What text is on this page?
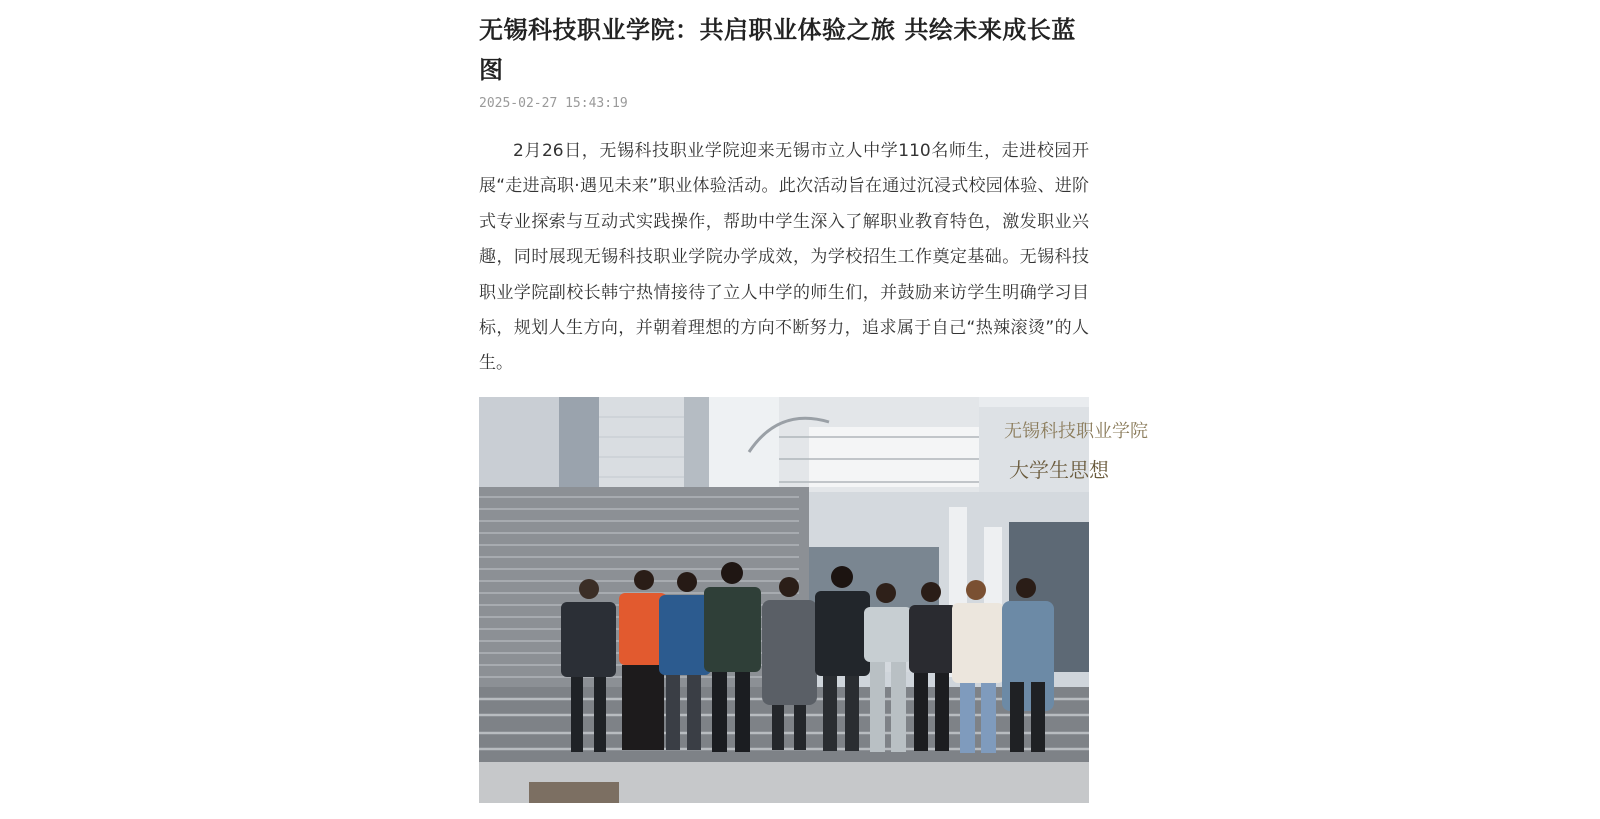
无锡科技职业学院：共启职业体验之旅 共绘未来成长蓝图
2025-02-27 15:43:19

2月26日，无锡科技职业学院迎来无锡市立人中学110名师生，走进校园开展“走进高职·遇见未来”职业体验活动。此次活动旨在通过沉浸式校园体验、进阶式专业探索与互动式实践操作，帮助中学生深入了解职业教育特色，激发职业兴趣，同时展现无锡科技职业学院办学成效，为学校招生工作奠定基础。无锡科技职业学院副校长韩宁热情接待了立人中学的师生们，并鼓励来访学生明确学习目标，规划人生方向，并朝着理想的方向不断努力，追求属于自己“热辣滚烫”的人生。

无锡科技职业学院
大学生思想
